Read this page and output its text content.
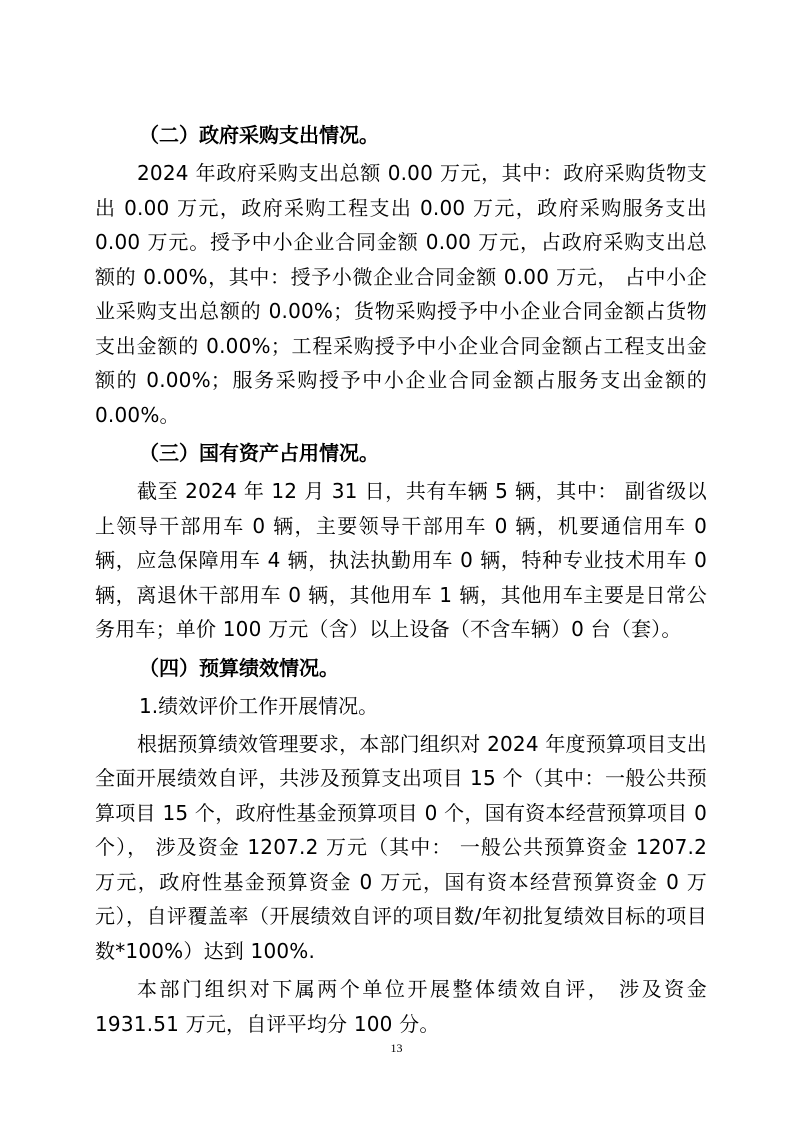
（二）政府采购支出情况。

2024 年政府采购支出总额 0.00 万元，其中：政府采购货物支出 0.00 万元，政府采购工程支出 0.00 万元，政府采购服务支出 0.00 万元。授予中小企业合同金额 0.00 万元，占政府采购支出总额的 0.00%，其中：授予小微企业合同金额 0.00 万元， 占中小企业采购支出总额的 0.00%；货物采购授予中小企业合同金额占货物支出金额的 0.00%；工程采购授予中小企业合同金额占工程支出金额的 0.00%；服务采购授予中小企业合同金额占服务支出金额的 0.00%。

（三）国有资产占用情况。

截至 2024 年 12 月 31 日，共有车辆 5 辆，其中： 副省级以上领导干部用车 0 辆，主要领导干部用车 0 辆，机要通信用车 0 辆，应急保障用车 4 辆，执法执勤用车 0 辆，特种专业技术用车 0 辆，离退休干部用车 0 辆，其他用车 1 辆，其他用车主要是日常公务用车；单价 100 万元（含）以上设备（不含车辆）0 台（套）。

（四）预算绩效情况。

1.绩效评价工作开展情况。

根据预算绩效管理要求，本部门组织对 2024 年度预算项目支出全面开展绩效自评，共涉及预算支出项目 15 个（其中：一般公共预算项目 15 个，政府性基金预算项目 0 个，国有资本经营预算项目 0 个）， 涉及资金 1207.2 万元（其中： 一般公共预算资金 1207.2 万元，政府性基金预算资金 0 万元，国有资本经营预算资金 0 万元），自评覆盖率（开展绩效自评的项目数/年初批复绩效目标的项目数*100%）达到 100%.

本部门组织对下属两个单位开展整体绩效自评， 涉及资金 1931.51 万元，自评平均分 100 分。

13
